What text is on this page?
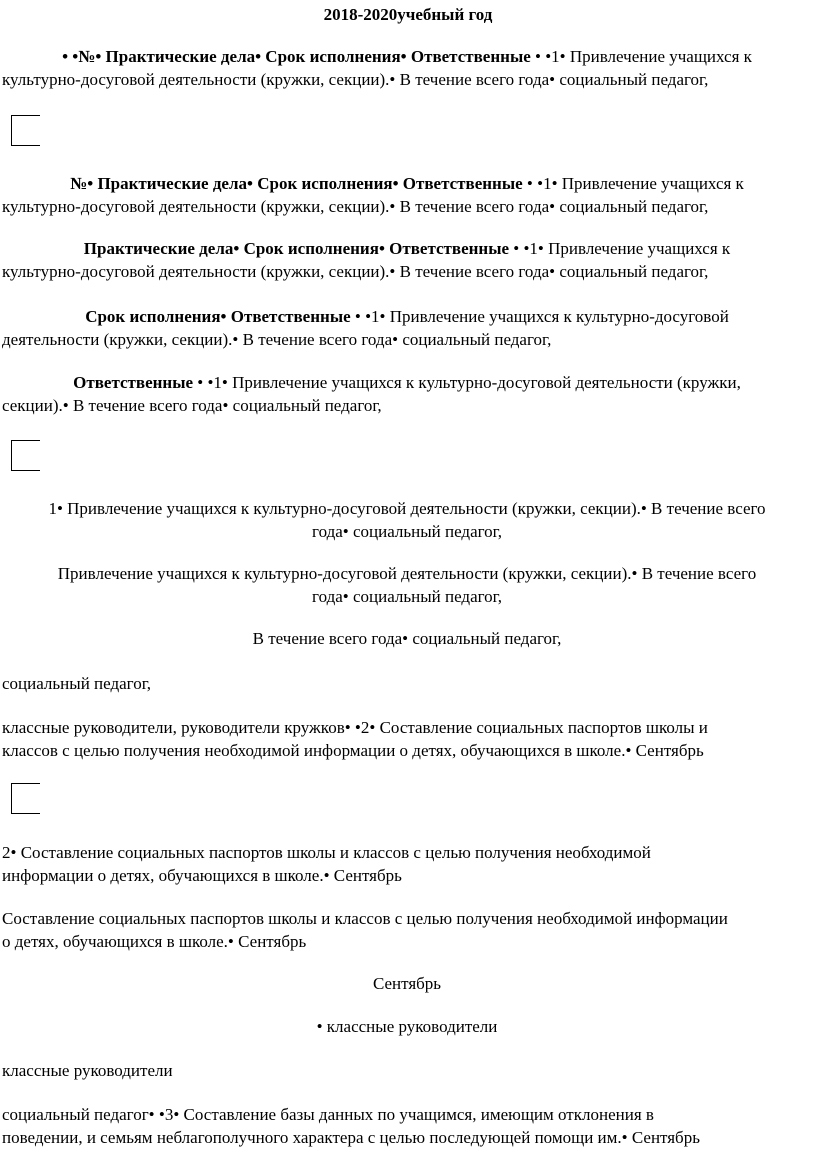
2018-2020учебный год
• •№• Практические дела• Срок исполнения• Ответственные • •1• Привлечение учащихся к
культурно-досуговой деятельности (кружки, секции).• В течение всего года• социальный педагог,
№• Практические дела• Срок исполнения• Ответственные • •1• Привлечение учащихся к
культурно-досуговой деятельности (кружки, секции).• В течение всего года• социальный педагог,
Практические дела• Срок исполнения• Ответственные • •1• Привлечение учащихся к
культурно-досуговой деятельности (кружки, секции).• В течение всего года• социальный педагог,
Срок исполнения• Ответственные • •1• Привлечение учащихся к культурно-досуговой
деятельности (кружки, секции).• В течение всего года• социальный педагог,
Ответственные • •1• Привлечение учащихся к культурно-досуговой деятельности (кружки,
секции).• В течение всего года• социальный педагог,
1• Привлечение учащихся к культурно-досуговой деятельности (кружки, секции).• В течение всего
года• социальный педагог,
Привлечение учащихся к культурно-досуговой деятельности (кружки, секции).• В течение всего
года• социальный педагог,
В течение всего года• социальный педагог,
социальный педагог,
классные руководители, руководители кружков• •2• Составление социальных паспортов школы и
классов с целью получения необходимой информации о детях, обучающихся в школе.• Сентябрь
2• Составление социальных паспортов школы и классов с целью получения необходимой
информации о детях, обучающихся в школе.• Сентябрь
Составление социальных паспортов школы и классов с целью получения необходимой информации
о детях, обучающихся в школе.• Сентябрь
Сентябрь
• классные руководители
классные руководители
социальный педагог• •3• Составление базы данных по учащимся, имеющим отклонения в
поведении, и семьям неблагополучного характера с целью последующей помощи им.• Сентябрь
